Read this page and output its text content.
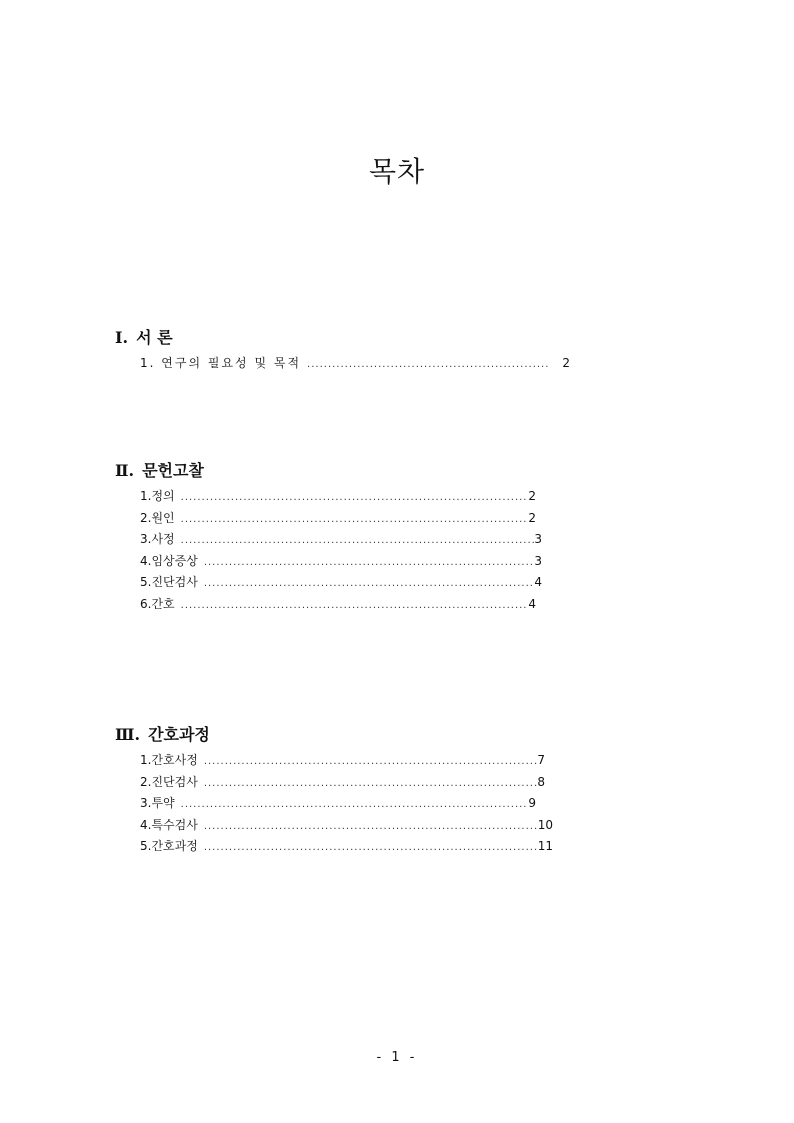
목차
Ⅰ. 서 론
1. 연구의 필요성 및 목적 .....	2
Ⅱ. 문헌고찰
1.정의 .....	2
2.원인 .....	2
3.사정 .....	3
4.임상증상 .....	3
5.진단검사 .....	4
6.간호 .....	4
Ⅲ. 간호과정
1.간호사정 .....	7
2.진단검사 .....	8
3.투약 .....	9
4.특수검사 .....	10
5.간호과정 .....	11
- 1 -
